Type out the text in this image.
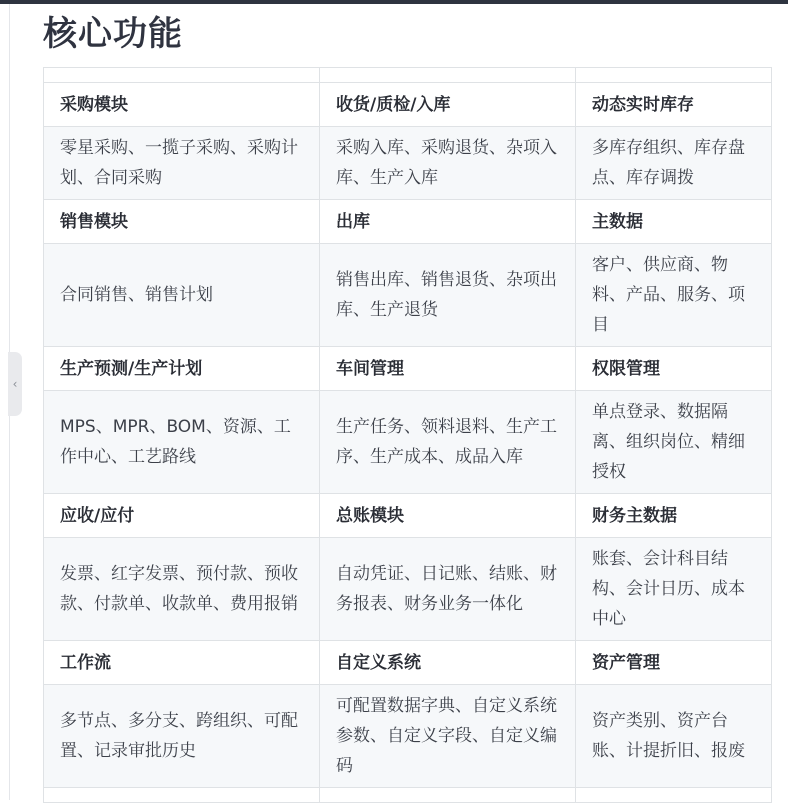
‹
核心功能

采购模块	收货/质检/入库	动态实时库存
零星采购、一揽子采购、采购计划、合同采购	采购入库、采购退货、杂项入库、生产入库	多库存组织、库存盘点、库存调拨
销售模块	出库	主数据
合同销售、销售计划	销售出库、销售退货、杂项出库、生产退货	客户、供应商、物料、产品、服务、项目
生产预测/生产计划	车间管理	权限管理
MPS、MPR、BOM、资源、工作中心、工艺路线	生产任务、领料退料、生产工序、生产成本、成品入库	单点登录、数据隔离、组织岗位、精细授权
应收/应付	总账模块	财务主数据
发票、红字发票、预付款、预收款、付款单、收款单、费用报销	自动凭证、日记账、结账、财务报表、财务业务一体化	账套、会计科目结构、会计日历、成本中心
工作流	自定义系统	资产管理
多节点、多分支、跨组织、可配置、记录审批历史	可配置数据字典、自定义系统参数、自定义字段、自定义编码	资产类别、资产台账、计提折旧、报废
